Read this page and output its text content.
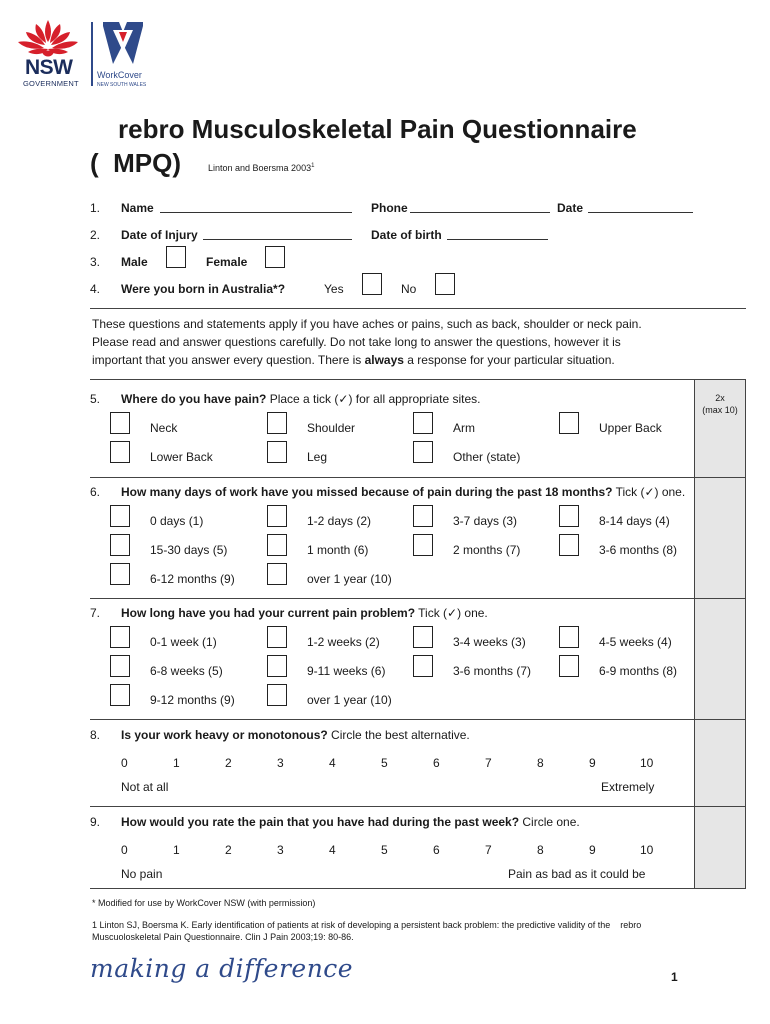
NSW
GOVERNMENT
WorkCover
NEW SOUTH WALES
rebro Musculoskeletal Pain Questionnaire
(  MPQ)	Linton and Boersma 2003$^1$
1. Name	Phone	Date
2. Date of Injury	Date of birth
3. Male	Female
4. Were you born in Australia*?	Yes	No
These questions and statements apply if you have aches or pains, such as back, shoulder or neck pain.
Please read and answer questions carefully. Do not take long to answer the questions, however it is
important that you answer every question. There is always a response for your particular situation.
2x
(max 10)
5. Where do you have pain? Place a tick (✓) for all appropriate sites.
Neck	Shoulder	Arm	Upper Back
Lower Back	Leg	Other (state)
6. How many days of work have you missed because of pain during the past 18 months? Tick (✓) one.
0 days (1)	1-2 days (2)	3-7 days (3)	8-14 days (4)
15-30 days (5)	1 month (6)	2 months (7)	3-6 months (8)
6-12 months (9)	over 1 year (10)
7. How long have you had your current pain problem? Tick (✓) one.
0-1 week (1)	1-2 weeks (2)	3-4 weeks (3)	4-5 weeks (4)
6-8 weeks (5)	9-11 weeks (6)	3-6 months (7)	6-9 months (8)
9-12 months (9)	over 1 year (10)
8. Is your work heavy or monotonous? Circle the best alternative.
0	1	2	3	4	5	6	7	8	9	10
Not at all	Extremely
9. How would you rate the pain that you have had during the past week? Circle one.
0	1	2	3	4	5	6	7	8	9	10
No pain	Pain as bad as it could be
* Modified for use by WorkCover NSW (with permission)
1 Linton SJ, Boersma K. Early identification of patients at risk of developing a persistent back problem: the predictive validity of the    rebro
Muscuoloskeletal Pain Questionnaire. Clin J Pain 2003;19: 80-86.
making a difference	1
